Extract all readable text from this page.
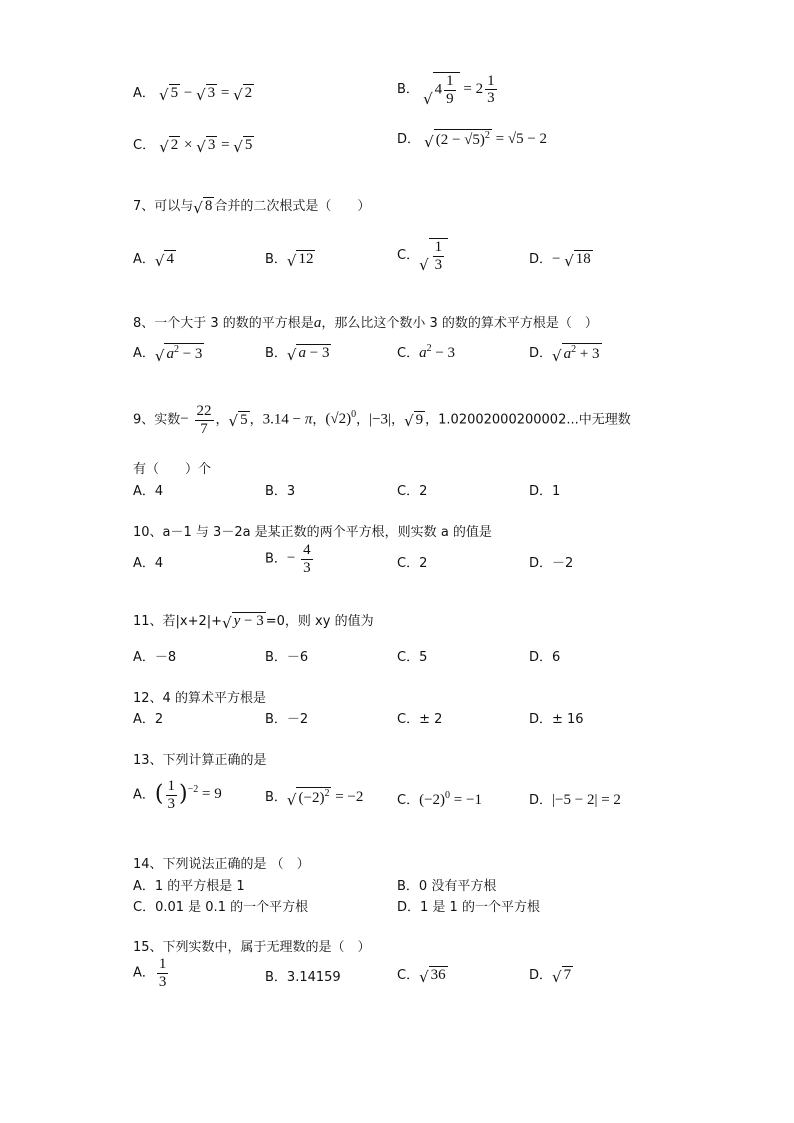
A． √ 5 − √ 3 = √ 2	B．
√
$4 \frac{1}{9} = 2 \frac{1}{3}$
C． √ 2 × √ 3 = √ 5	D． √ $(2 - √5)^2 = √5 - 2$
7、可以与 √ 8 合并的二次根式是（　　）
A． √ 4	B． √ 12	C．
√ $\frac{1}{3}$	D．− √ 18
8、一个大于 3 的数的平方根是a，那么比这个数小 3 的数的算术平方根是（　）
A． √ $a^2 - 3$	B． √ a − 3	C．$a^2 - 3$	D． √ $a^2 + 3$
9、实数− $\frac{22}{7}$ ， √ 5 ，3.14 − π，$(√2)^0$，|−3|， √ 9 ，1.02002000200002...中无理数
有（　　）个
A．4	B．3	C．2	D．1
10、a－1 与 3－2a 是某正数的两个平方根，则实数 a 的值是
A．4	B．− $\frac{4}{3}$	C．2	D．－2
11、若|x+2|+ √ y − 3 =0，则 xy 的值为
A．－8	B．－6	C．5	D．6
12、4 的算术平方根是
A．2	B．－2	C．± 2	D．± 16
13、下列计算正确的是
A．( $\frac{1}{3} )^{-2} = 9$	B． √ $(-2)^2 = -2$	C．$(-2)^0 = -1$	D．|−5 − 2| = 2
14、下列说法正确的是 （　）
A．1 的平方根是 1	B．0 没有平方根
C．0.01 是 0.1 的一个平方根	D．1 是 1 的一个平方根
15、下列实数中，属于无理数的是（　）
A． $\frac{1}{3}$	B．3.14159	C． √ 36	D． √ 7
